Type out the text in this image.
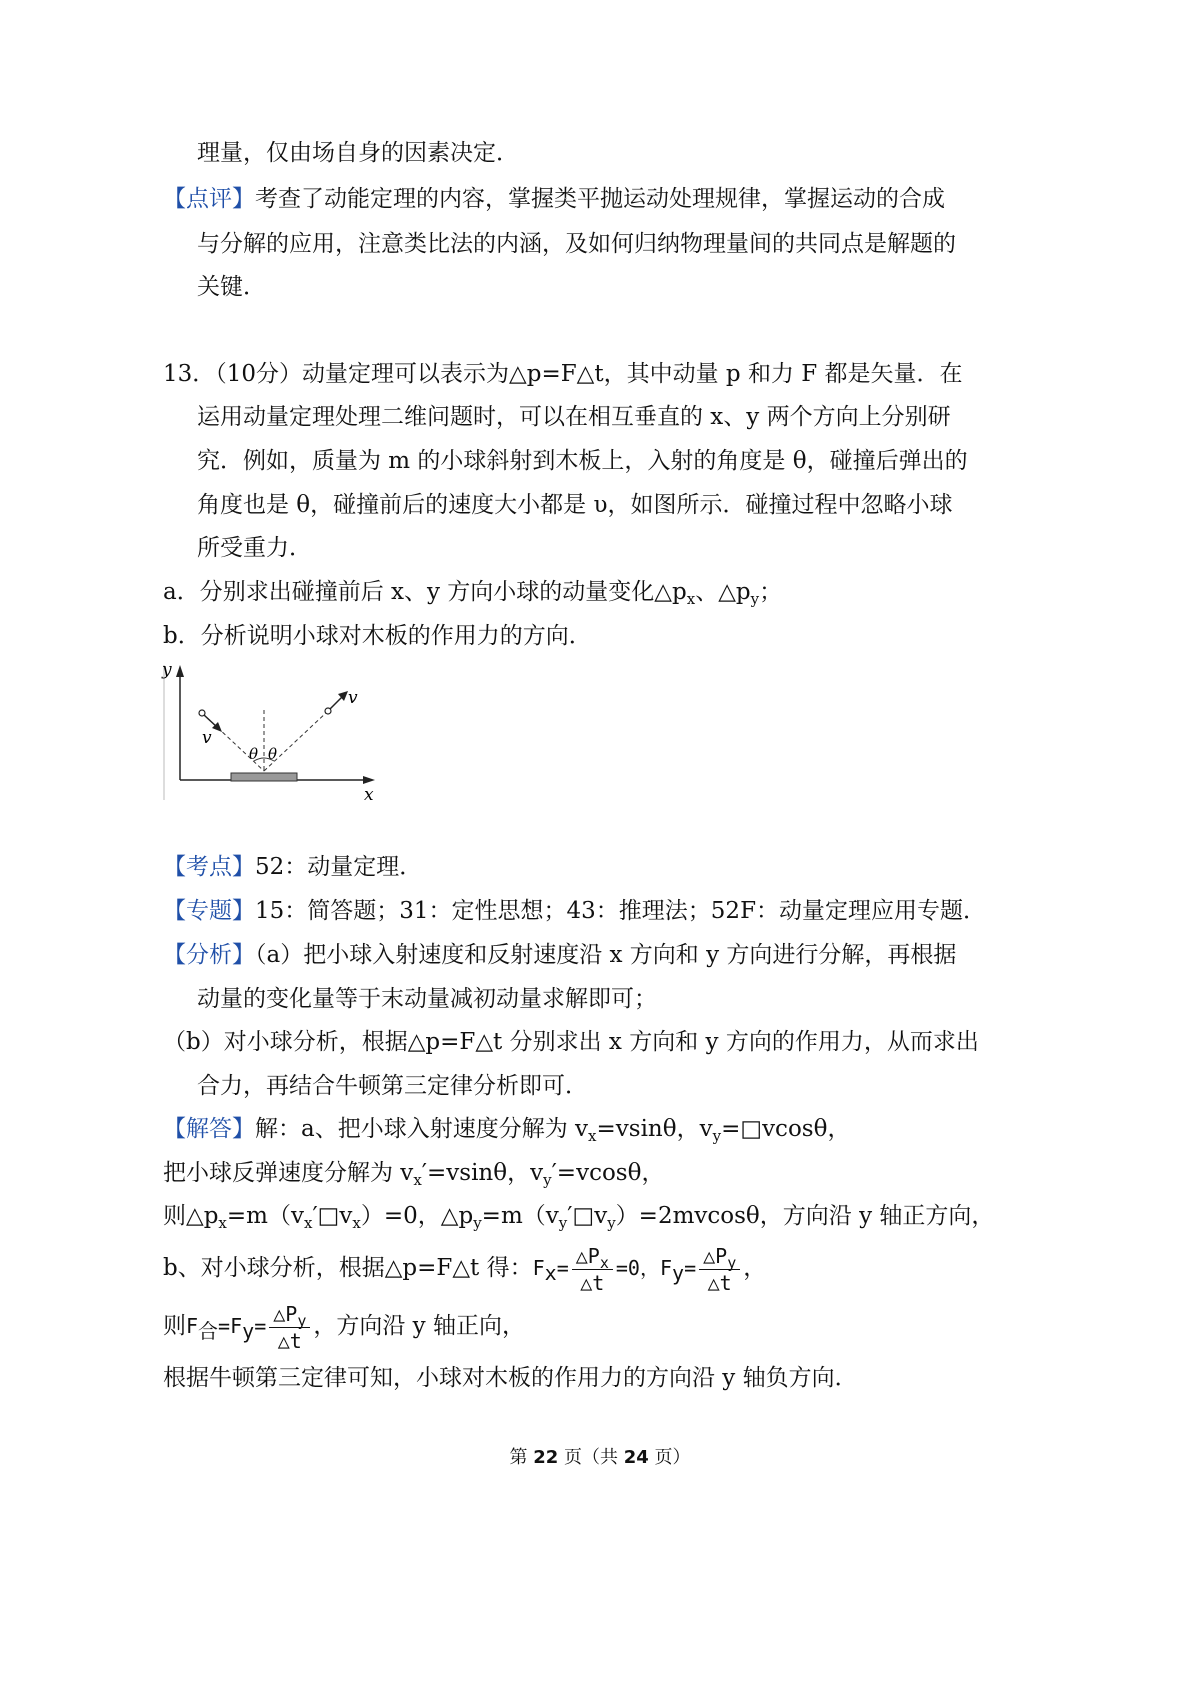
理量，仅由场自身的因素决定．
【点评】考查了动能定理的内容，掌握类平抛运动处理规律，掌握运动的合成
与分解的应用，注意类比法的内涵，及如何归纳物理量间的共同点是解题的
关键．
13．（10分）动量定理可以表示为△p=F△t，其中动量 p 和力 F 都是矢量．在
运用动量定理处理二维问题时，可以在相互垂直的 x、y 两个方向上分别研
究．例如，质量为 m 的小球斜射到木板上，入射的角度是 θ，碰撞后弹出的
角度也是 θ，碰撞前后的速度大小都是 υ，如图所示．碰撞过程中忽略小球
所受重力．
a．分别求出碰撞前后 x、y 方向小球的动量变化$\triangle p_x$、$\triangle p_y$；
b．分析说明小球对木板的作用力的方向．
y
x
v
v
θ θ
【考点】52：动量定理．
【专题】15：简答题；31：定性思想；43：推理法；52F：动量定理应用专题．
【分析】（a）把小球入射速度和反射速度沿 x 方向和 y 方向进行分解，再根据
动量的变化量等于末动量减初动量求解即可；
（b）对小球分析，根据△p=F△t 分别求出 x 方向和 y 方向的作用力，从而求出
合力，再结合牛顿第三定律分析即可．
【解答】解：a、把小球入射速度分解为 $v_x=vsin\theta$，$v_y=□vcos\theta$，
把小球反弹速度分解为 $v_x'=vsin\theta$，$v_y'=vcos\theta$，
则$\triangle p_x=m(v_x'□v_x)=0$，$\triangle p_y=m(v_y'□v_y)=2mvcos\theta$，方向沿 y 轴正方向，
b、对小球分析，根据△p=F△t 得：$F_x= \frac{\triangle P_x}{\triangle t} =0$，$F_y= \frac{\triangle P_y}{\triangle t}$ ，
则$F_合=F_y= \frac{\triangle P_y}{\triangle t}$ ，方向沿 y 轴正向，
根据牛顿第三定律可知，小球对木板的作用力的方向沿 y 轴负方向．
第 22 页（共 24 页）
